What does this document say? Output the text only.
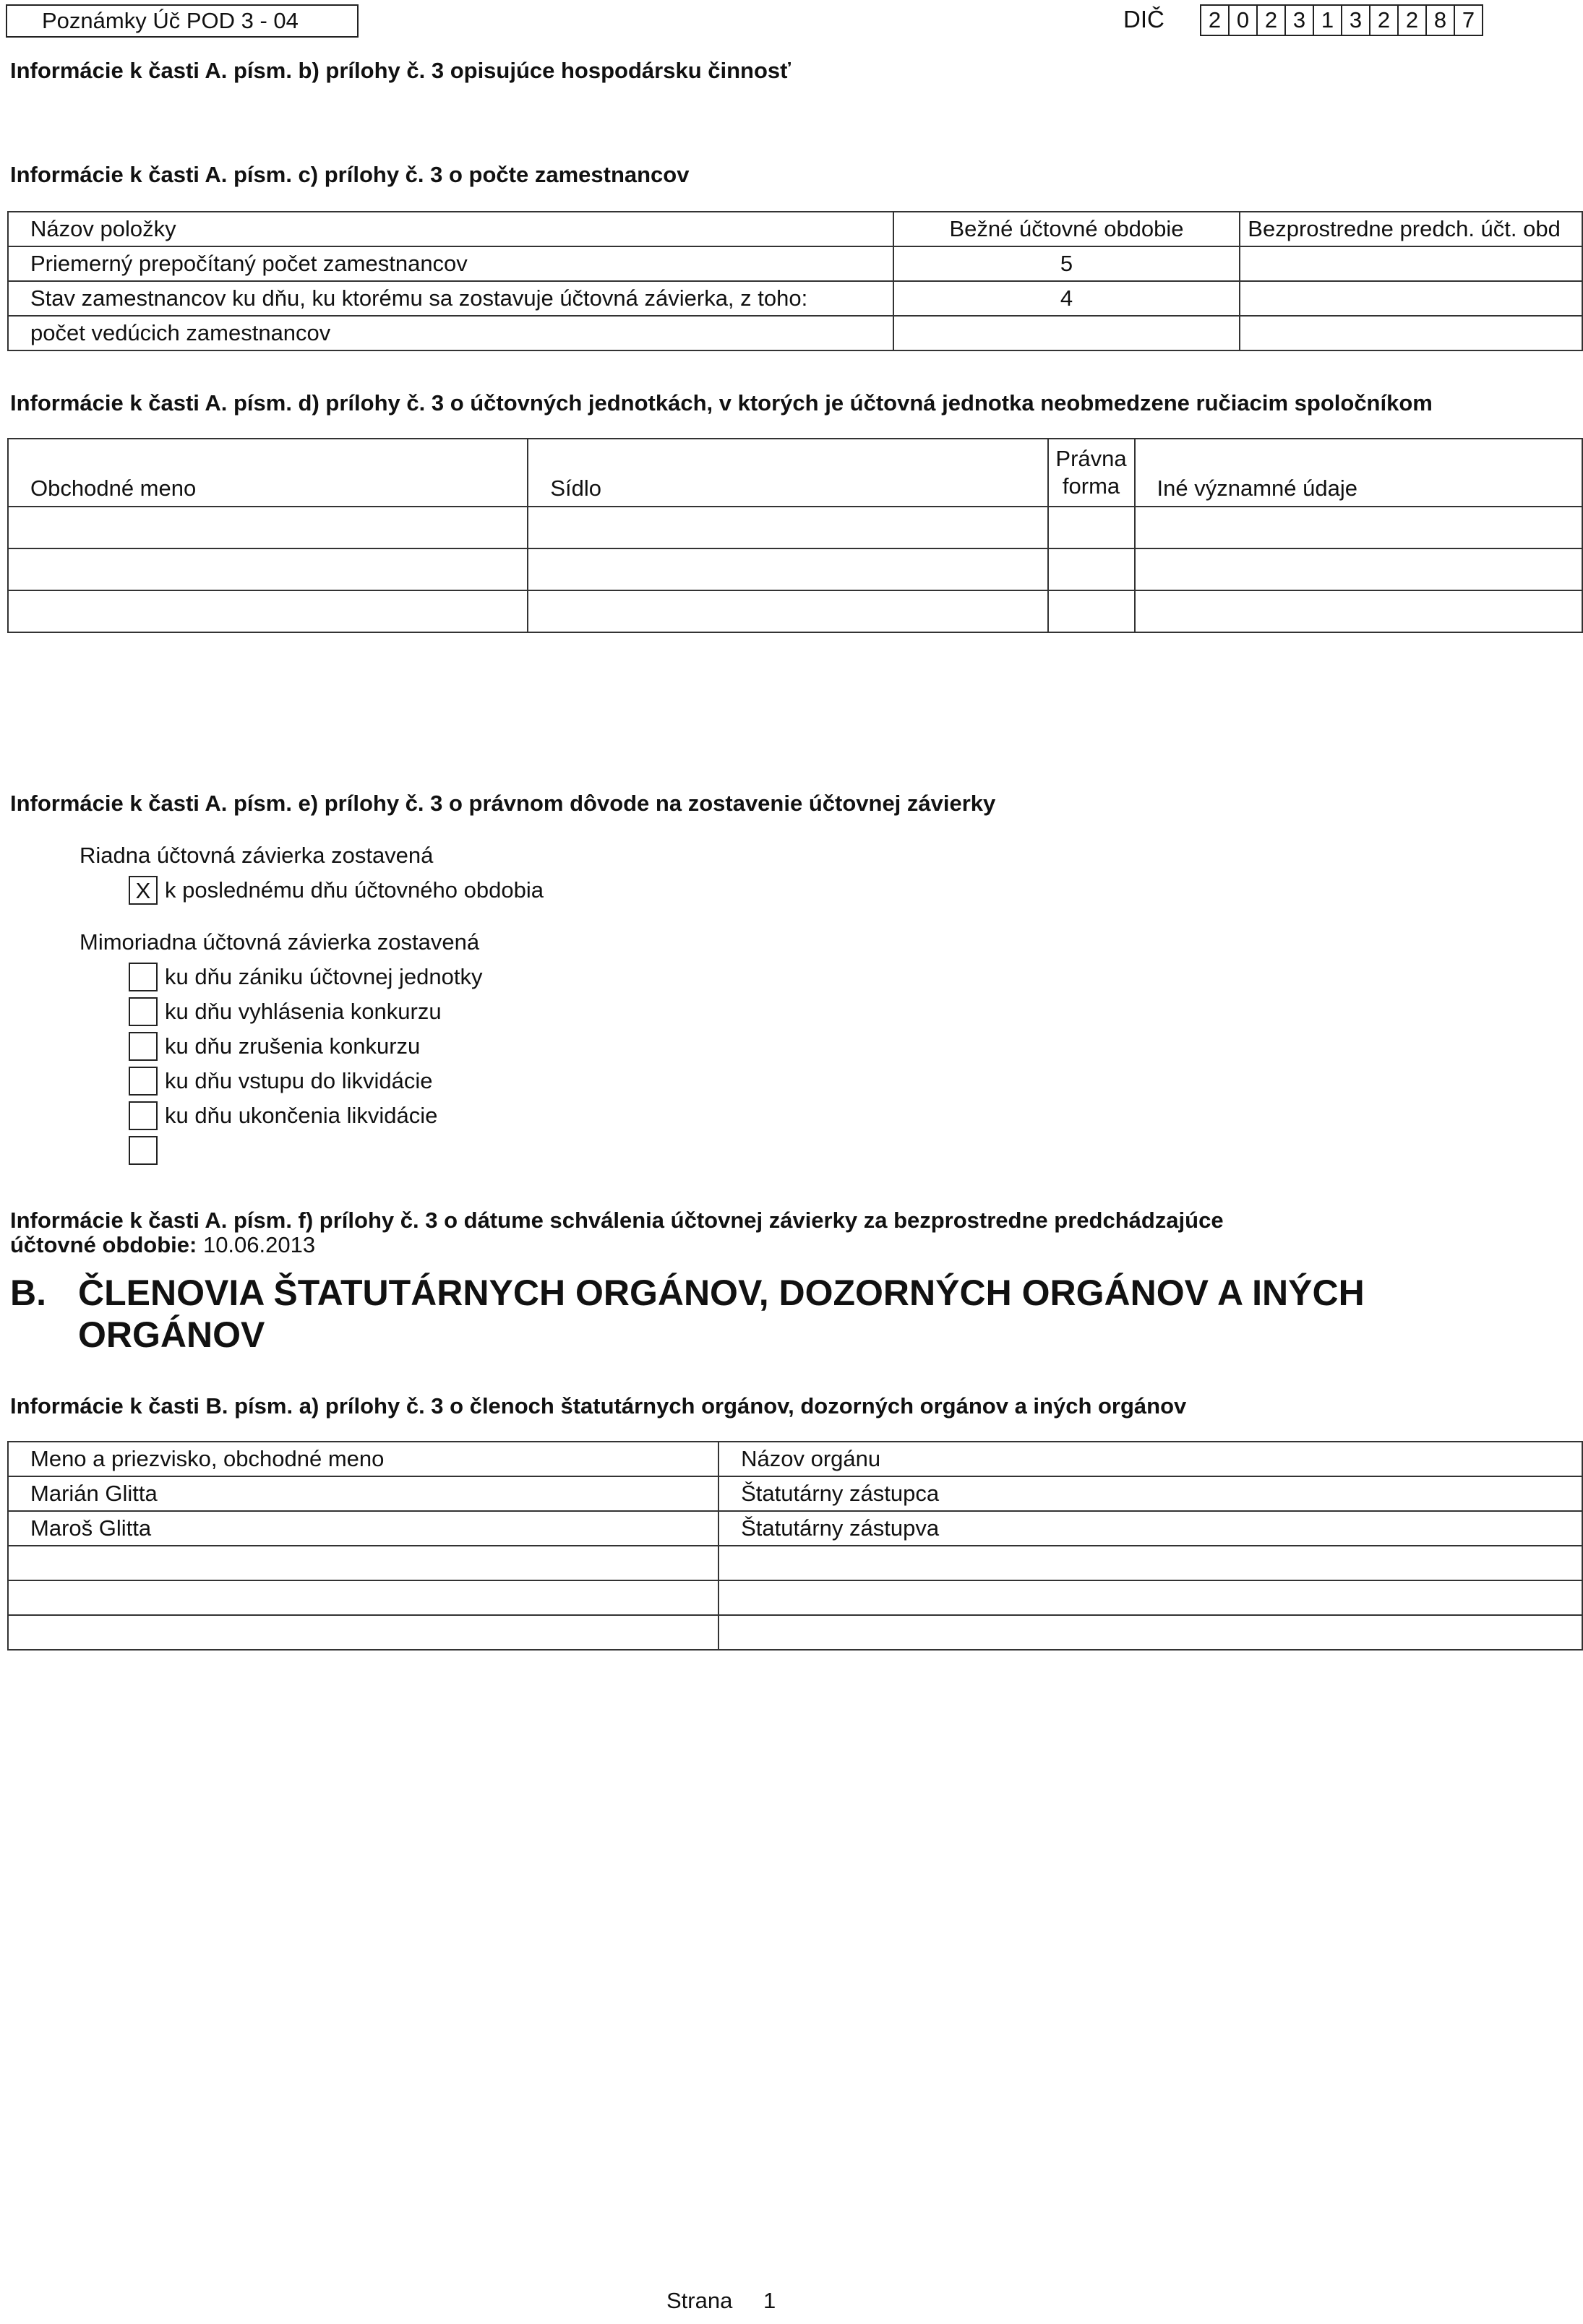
Poznámky Úč POD 3 - 04	DIČ	2 0 2 3 1 3 2 2 8 7
Informácie k časti A. písm. b) prílohy č. 3 opisujúce hospodársku činnosť
Informácie k časti A. písm. c) prílohy č. 3 o počte zamestnancov
Názov položky	Bežné účtovné obdobie	Bezprostredne predch. účt. obd
Priemerný prepočítaný počet zamestnancov	5	
Stav zamestnancov ku dňu, ku ktorému sa zostavuje účtovná závierka, z toho:	4	
počet vedúcich zamestnancov		
Informácie k časti A. písm. d) prílohy č. 3 o účtovných jednotkách, v ktorých je účtovná jednotka neobmedzene ručiacim spoločníkom
Obchodné meno	Sídlo	Právna forma	Iné významné údaje

Informácie k časti A. písm. e) prílohy č. 3 o právnom dôvode na zostavenie účtovnej závierky
Riadna účtovná závierka zostavená
X k poslednému dňu účtovného obdobia
Mimoriadna účtovná závierka zostavená
ku dňu zániku účtovnej jednotky
ku dňu vyhlásenia konkurzu
ku dňu zrušenia konkurzu
ku dňu vstupu do likvidácie
ku dňu ukončenia likvidácie
Informácie k časti A. písm. f) prílohy č. 3 o dátume schválenia účtovnej závierky za bezprostredne predchádzajúce
účtovné obdobie: 10.06.2013
B. ČLENOVIA ŠTATUTÁRNYCH ORGÁNOV, DOZORNÝCH ORGÁNOV A INÝCH
ORGÁNOV
Informácie k časti B. písm. a) prílohy č. 3 o členoch štatutárnych orgánov, dozorných orgánov a iných orgánov
Meno a priezvisko, obchodné meno	Názov orgánu
Marián Glitta	Štatutárny zástupca
Maroš Glitta	Štatutárny zástupva

Strana 1
